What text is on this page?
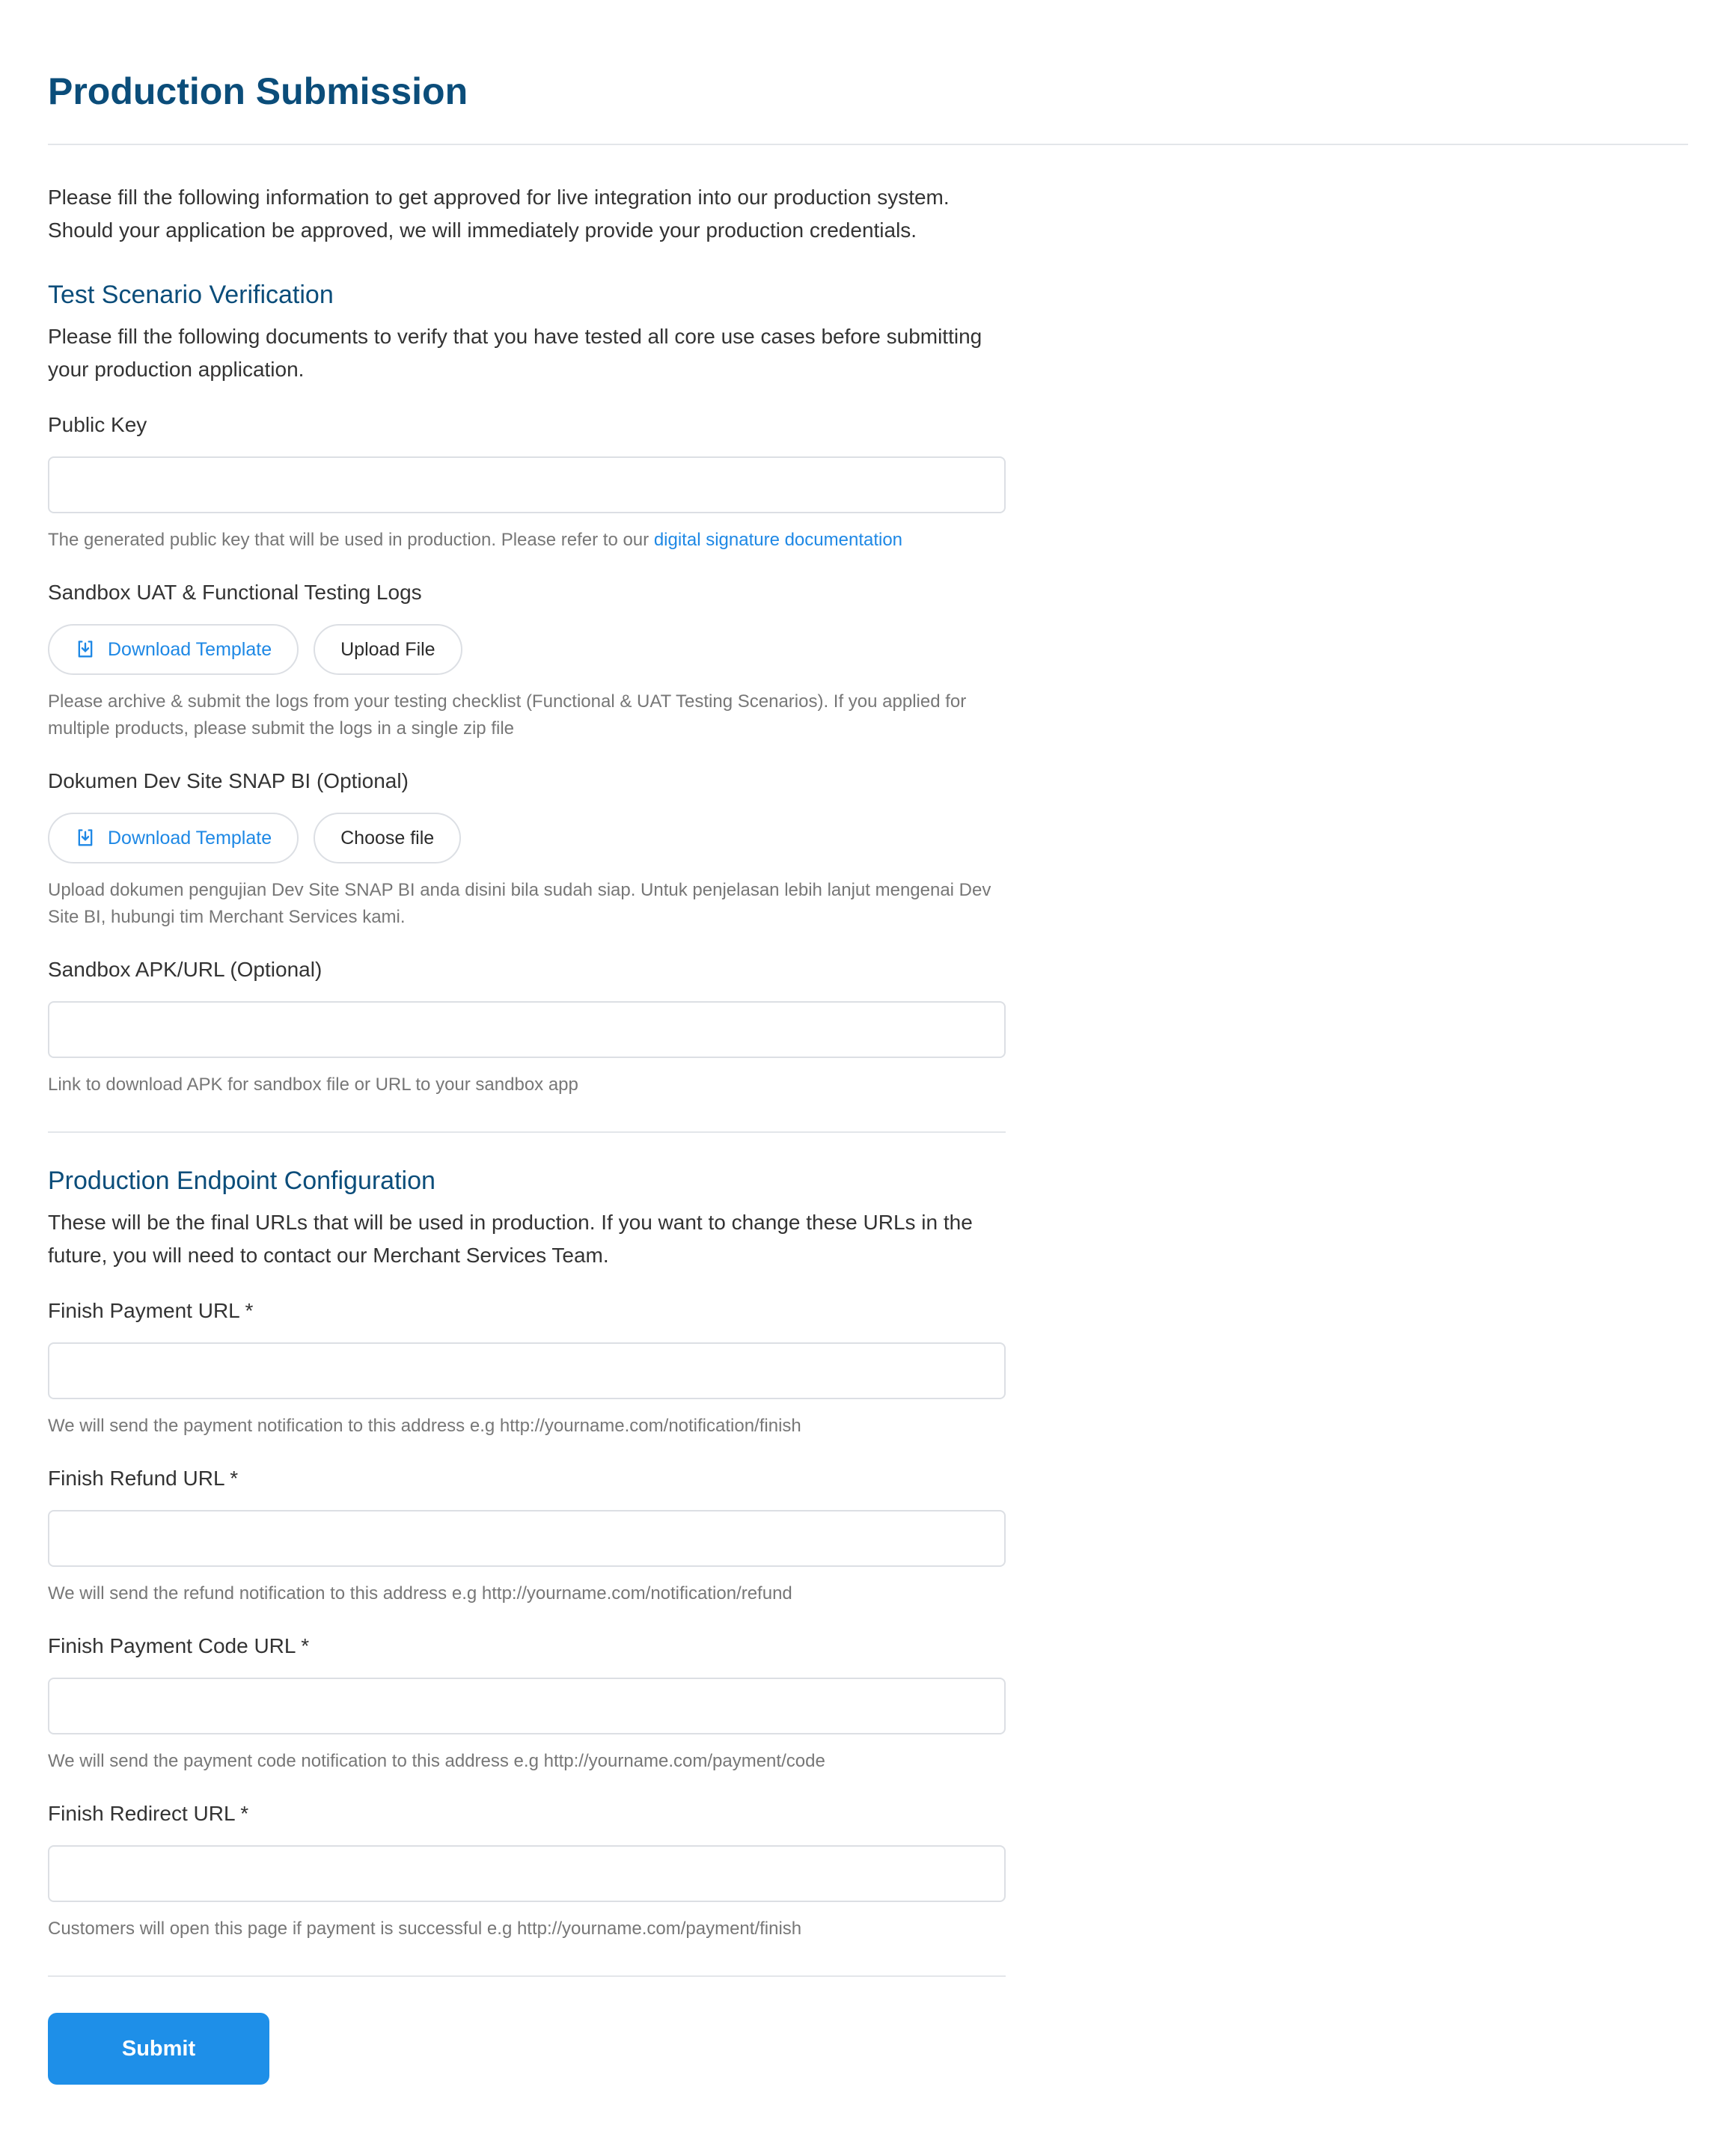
Production Submission

Please fill the following information to get approved for live integration into our production system. Should your application be approved, we will immediately provide your production credentials.

Test Scenario Verification

Please fill the following documents to verify that you have tested all core use cases before submitting your production application.

Public Key

The generated public key that will be used in production. Please refer to our digital signature documentation

Sandbox UAT & Functional Testing Logs
Download Template	Upload File

Please archive & submit the logs from your testing checklist (Functional & UAT Testing Scenarios). If you applied for multiple products, please submit the logs in a single zip file

Dokumen Dev Site SNAP BI (Optional)
Download Template	Choose file

Upload dokumen pengujian Dev Site SNAP BI anda disini bila sudah siap. Untuk penjelasan lebih lanjut mengenai Dev Site BI, hubungi tim Merchant Services kami.

Sandbox APK/URL (Optional)

Link to download APK for sandbox file or URL to your sandbox app

Production Endpoint Configuration

These will be the final URLs that will be used in production. If you want to change these URLs in the future, you will need to contact our Merchant Services Team.

Finish Payment URL *

We will send the payment notification to this address e.g http://yourname.com/notification/finish

Finish Refund URL *

We will send the refund notification to this address e.g http://yourname.com/notification/refund

Finish Payment Code URL *

We will send the payment code notification to this address e.g http://yourname.com/payment/code

Finish Redirect URL *

Customers will open this page if payment is successful e.g http://yourname.com/payment/finish

Submit
